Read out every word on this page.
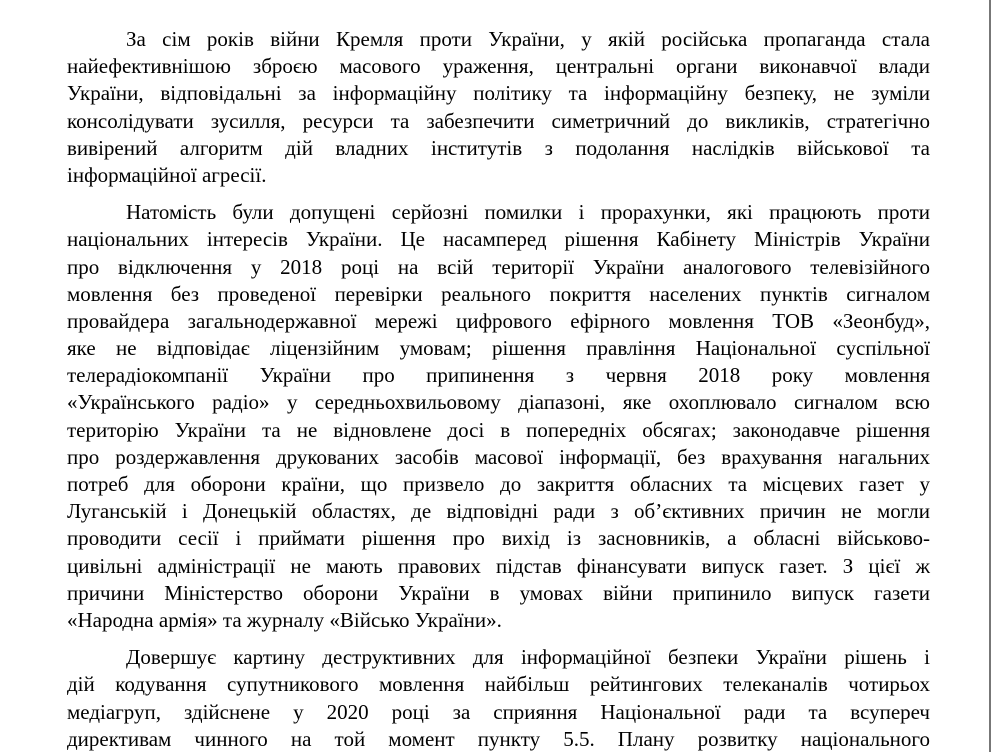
За сім років війни Кремля проти України, у якій російська пропаганда стала
найефективнішою зброєю масового ураження, центральні органи виконавчої влади
України, відповідальні за інформаційну політику та інформаційну безпеку, не зуміли
консолідувати зусилля, ресурси та забезпечити симетричний до викликів, стратегічно
вивірений алгоритм дій владних інститутів з подолання наслідків військової та
інформаційної агресії.
Натомість були допущені серйозні помилки і прорахунки, які працюють проти
національних інтересів України. Це насамперед рішення Кабінету Міністрів України
про відключення у 2018 році на всій території України аналогового телевізійного
мовлення без проведеної перевірки реального покриття населених пунктів сигналом
провайдера загальнодержавної мережі цифрового ефірного мовлення ТОВ «Зеонбуд»,
яке не відповідає ліцензійним умовам; рішення правління Національної суспільної
телерадіокомпанії України про припинення з червня 2018 року мовлення
«Українського радіо» у середньохвильовому діапазоні, яке охоплювало сигналом всю
територію України та не відновлене досі в попередніх обсягах; законодавче рішення
про роздержавлення друкованих засобів масової інформації, без врахування нагальних
потреб для оборони країни, що призвело до закриття обласних та місцевих газет у
Луганській і Донецькій областях, де відповідні ради з об’єктивних причин не могли
проводити сесії і приймати рішення про вихід із засновників, а обласні військово-
цивільні адміністрації не мають правових підстав фінансувати випуск газет. З цієї ж
причини Міністерство оборони України в умовах війни припинило випуск газети
«Народна армія» та журналу «Військо України».
Довершує картину деструктивних для інформаційної безпеки України рішень і
дій кодування супутникового мовлення найбільш рейтингових телеканалів чотирьох
медіагруп, здійснене у 2020 році за сприяння Національної ради та всупереч
директивам чинного на той момент пункту 5.5. Плану розвитку національного
